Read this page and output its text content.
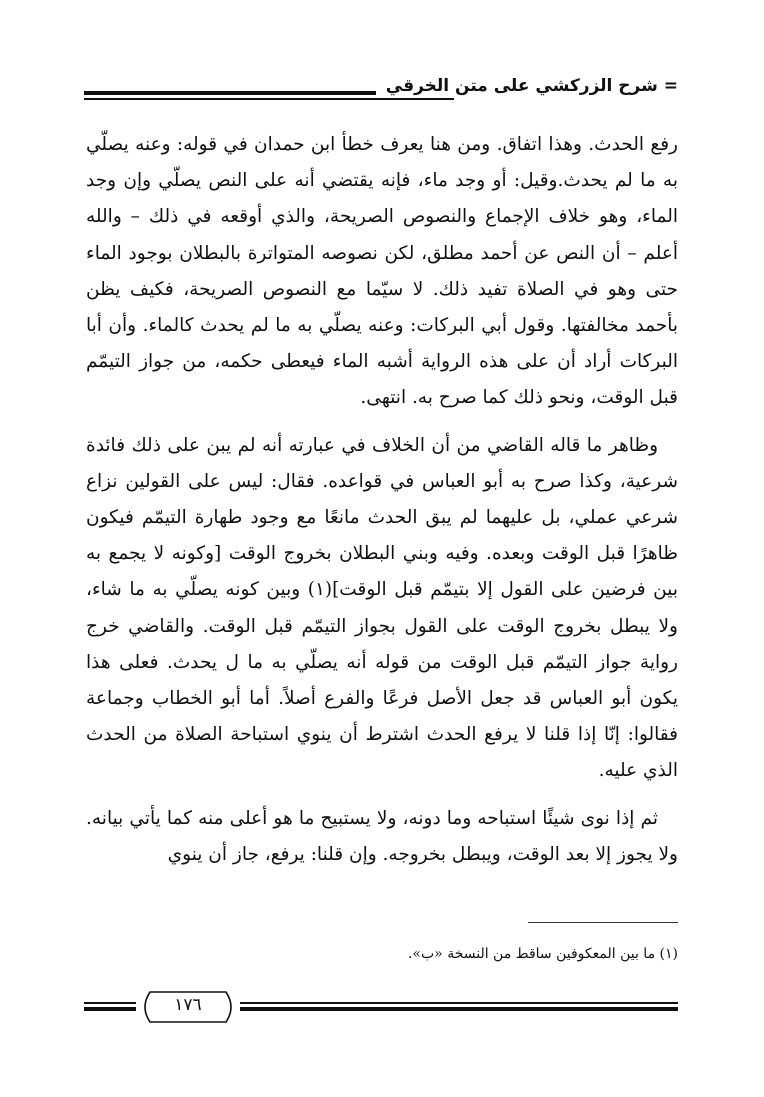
= شرح الزركشي على متن الخرقي

رفع الحدث. وهذا اتفاق. ومن هنا يعرف خطأ ابن حمدان في قوله: وعنه يصلّي به ما لم يحدث.وقيل: أو وجد ماء، فإنه يقتضي أنه على النص يصلّي وإن وجد الماء، وهو خلاف الإجماع والنصوص الصريحة، والذي أوقعه في ذلك – والله أعلم – أن النص عن أحمد مطلق، لكن نصوصه المتواترة بالبطلان بوجود الماء حتى وهو في الصلاة تفيد ذلك. لا سيّما مع النصوص الصريحة، فكيف يظن بأحمد مخالفتها. وقول أبي البركات: وعنه يصلّي به ما لم يحدث كالماء. وأن أبا البركات أراد أن على هذه الرواية أشبه الماء فيعطى حكمه، من جواز التيمّم قبل الوقت، ونحو ذلك كما صرح به. انتهى.

وظاهر ما قاله القاضي من أن الخلاف في عبارته أنه لم يبن على ذلك فائدة شرعية، وكذا صرح به أبو العباس في قواعده. فقال: ليس على القولين نزاع شرعي عملي، بل عليهما لم يبق الحدث مانعًا مع وجود طهارة التيمّم فيكون ظاهرًا قبل الوقت وبعده. وفيه وبني البطلان بخروج الوقت [وكونه لا يجمع به بين فرضين على القول إلا بتيمّم قبل الوقت](١) وبين كونه يصلّي به ما شاء، ولا يبطل بخروج الوقت على القول بجواز التيمّم قبل الوقت. والقاضي خرج رواية جواز التيمّم قبل الوقت من قوله أنه يصلّي به ما ل يحدث. فعلى هذا يكون أبو العباس قد جعل الأصل فرعًا والفرع أصلاً. أما أبو الخطاب وجماعة فقالوا: إنّا إذا قلنا لا يرفع الحدث اشترط أن ينوي استباحة الصلاة من الحدث الذي عليه.

ثم إذا نوى شيئًا استباحه وما دونه، ولا يستبيح ما هو أعلى منه كما يأتي بيانه. ولا يجوز إلا بعد الوقت، ويبطل بخروجه. وإن قلنا: يرفع، جاز أن ينوي

(١) ما بين المعكوفين ساقط من النسخة «ب».
١٧٦
